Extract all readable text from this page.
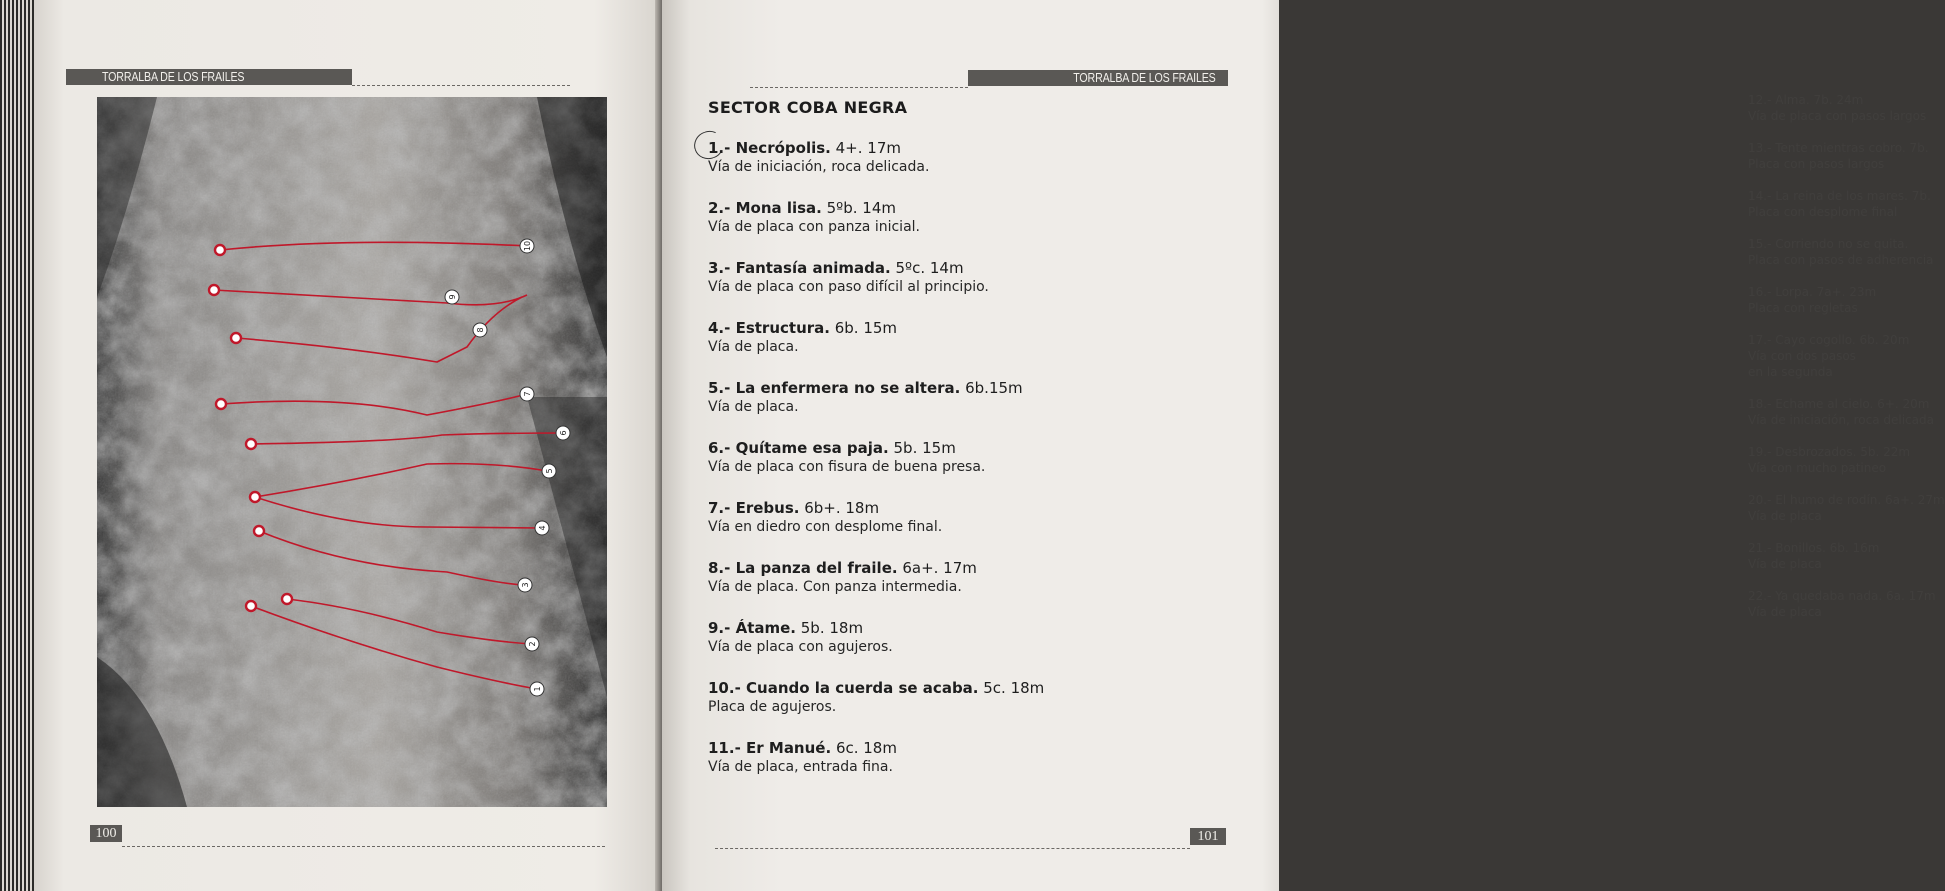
TORRALBA DE LOS FRAILES
1
2
3
4
5
6
7
8
9
10
100
12.- Alma. 7b. 24m
Vía de placa con pasos largos

13.- Tente mientras cobro. 7b.
Placa con pasos largos

14.- La reina de los mares. 7b.
Placa con desplome final

15.- Corriendo no se quita.
Placa con pasos de adherencia

16.- Lorpa. 7a+. 23m
Placa con regletas

17.- Cayo cogollo. 6b. 20m
Vía con dos pasos
en la segunda

18.- Echame al cielo. 6+. 20m
Vía de iniciación, roca delicada

19.- Desbrozados. 5b. 22m
Vía con mucho patineo

20.- El humo de rodín. 6a+. 27m
Vía de placa

21.- Bonillos. 6b. 16m
Vía de placa

22.- Ya quedaba nada. 6a. 17m
Vía de placa
TORRALBA DE LOS FRAILES
SECTOR COBA NEGRA
1.- Necrópolis. 4+. 17m
Vía de iniciación, roca delicada.
2.- Mona lisa. 5ºb. 14m
Vía de placa con panza inicial.
3.- Fantasía animada. 5ºc. 14m
Vía de placa con paso difícil al principio.
4.- Estructura. 6b. 15m
Vía de placa.
5.- La enfermera no se altera. 6b.15m
Vía de placa.
6.- Quítame esa paja. 5b. 15m
Vía de placa con fisura de buena presa.
7.- Erebus. 6b+. 18m
Vía en diedro con desplome final.
8.- La panza del fraile. 6a+. 17m
Vía de placa. Con panza intermedia.
9.- Átame. 5b. 18m
Vía de placa con agujeros.
10.- Cuando la cuerda se acaba. 5c. 18m
Placa de agujeros.
11.- Er Manué. 6c. 18m
Vía de placa, entrada fina.
101
